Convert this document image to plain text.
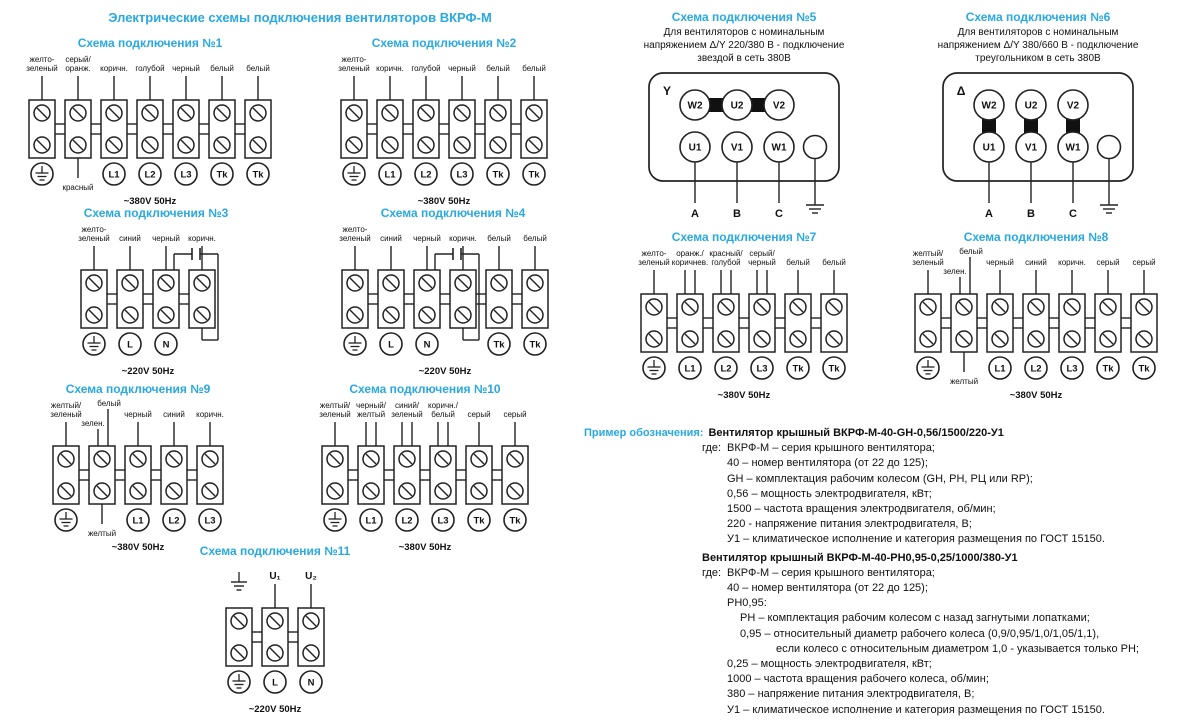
Электрические схемы подключения вентиляторов ВКРФ-М
Схема подключения №1
желто-
зеленый
серый/
оранж.
красный
коричн.
L1
голубой
L2
черный
L3
белый
Tk
белый
Tk
~380V 50Hz
Схема подключения №2
желто-
зеленый коричн.
L1
голубой
L2
черный
L3
белый
Tk
белый
Tk
~380V 50Hz
Схема подключения №3
желто-
зеленый синий
L
черный
N
коричн.
~220V 50Hz
Схема подключения №4
желто-
зеленый синий
L
черный
N
коричн. белый
Tk
белый
Tk
~220V 50Hz
Схема подключения №5
Для вентиляторов с номинальным
напряжением Δ/Y 220/380 В - подключение
звездой в сеть 380В
Y
W2	U2	V2
U1	V1	W1
A	B	C
Схема подключения №6
Для вентиляторов с номинальным
напряжением Δ/Y 380/660 В - подключение
треугольником в сеть 380В
Δ
W2	U2	V2
U1	V1	W1
A	B	C
Схема подключения №7
желто-
зеленый
оранж./
коричнев.
L1
красный/
голубой
L2
серый/
черный
L3
белый
Tk
белый
Tk
~380V 50Hz
Схема подключения №8
желтый/
зеленый
зелен.
белый
желтый
черный
L1
синий
L2
коричн.
L3
серый
Tk
серый
Tk
~380V 50Hz
Схема подключения №9
желтый/
зеленый
зелен.
белый
желтый
черный
L1
синий
L2
коричн.
L3
~380V 50Hz
Схема подключения №10
желтый/
зеленый
черный/
желтый
L1
синий/
зеленый
L2
коричн./
белый
L3
серый
Tk
серый
Tk
~380V 50Hz
Схема подключения №11
U₁
L
U₂
N
~220V 50Hz
Пример обозначения: Вентилятор крышный ВКРФ-М-40-GH-0,56/1500/220-У1
где: ВКРФ-М – серия крышного вентилятора;
40 – номер вентилятора (от 22 до 125);
GH – комплектация рабочим колесом (GH, РН, РЦ или RP);
0,56 – мощность электродвигателя, кВт;
1500 – частота вращения электродвигателя, об/мин;
220 - напряжение питания электродвигателя, В;
У1 – климатическое исполнение и категория размещения по ГОСТ 15150.
Вентилятор крышный ВКРФ-М-40-РН0,95-0,25/1000/380-У1
где: ВКРФ-М – серия крышного вентилятора;
40 – номер вентилятора (от 22 до 125);
РН0,95:
РН – комплектация рабочим колесом с назад загнутыми лопатками;
0,95 – относительный диаметр рабочего колеса (0,9/0,95/1,0/1,05/1,1),
если колесо с относительным диаметром 1,0 - указывается только РН;
0,25 – мощность электродвигателя, кВт;
1000 – частота вращения рабочего колеса, об/мин;
380 – напряжение питания электродвигателя, В;
У1 – климатическое исполнение и категория размещения по ГОСТ 15150.
